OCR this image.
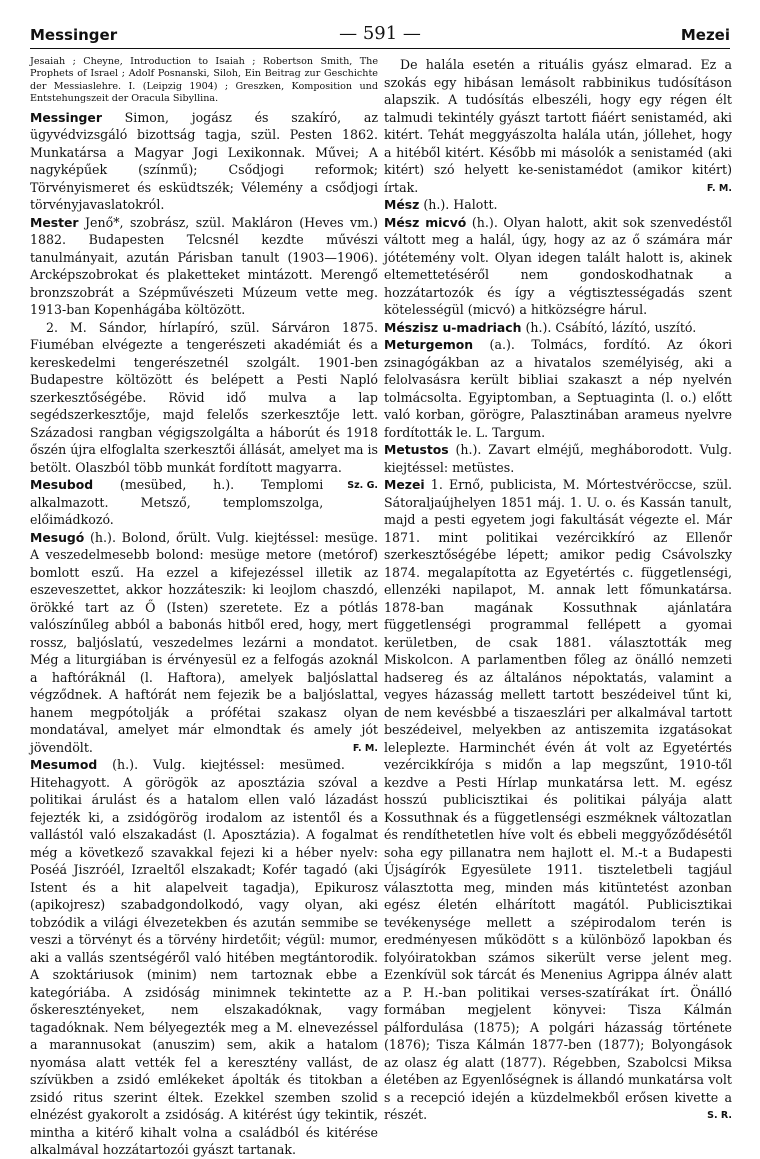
Messinger	— 591 —	Mezei

Jesaiah ; Cheyne, Introduction to Isaiah ; Robertson Smith, The Prophets of Israel ; Adolf Posnanski, Siloh, Ein Beitrag zur Geschichte der Messiaslehre. I. (Leipzig 1904) ; Greszken, Komposition und Entstehungszeit der Oracula Sibyllina.

Messinger Simon, jogász és szakíró, az ügyvédvizsgáló bizottság tagja, szül. Pesten 1862. Munkatársa a Magyar Jogi Lexikonnak. Művei; A nagyképűek (színmű); Csődjogi reformok; Törvényismeret és esküdtszék; Vélemény a csődjogi törvényjavaslatokról.

Mester Jenő*, szobrász, szül. Makláron (Heves vm.) 1882. Budapesten Telcsnél kezdte művészi tanulmányait, azután Párisban tanult (1903—1906). Arcképszobrokat és plaketteket mintázott. Merengő bronzszobrát a Szépművészeti Múzeum vette meg. 1913-ban Kopenhágába költözött.

2. M. Sándor, hírlapíró, szül. Sárváron 1875. Fiuméban elvégezte a tengerészeti akadémiát és a kereskedelmi tengerészetnél szolgált. 1901-ben Budapestre költözött és belépett a Pesti Napló szerkesztőségébe. Rövid idő mulva a lap segédszerkesztője, majd felelős szerkesztője lett. Századosi rangban végigszolgálta a háborút és 1918 őszén újra elfoglalta szerkesztői állását, amelyet ma is betölt. Olaszból több munkát fordított magyarra.
Sz. G.

Mesubod (mesübed, h.). Templomi alkalmazott. Metsző, templomszolga, előimádkozó.

Mesugó (h.). Bolond, őrült. Vulg. kiejtéssel: mesüge. A veszedelmesebb bolond: mesüge metore (metórof) bomlott eszű. Ha ezzel a kifejezéssel illetik az eszeveszettet, akkor hozzáteszik: ki leojlom chaszdó, örökké tart az Ő (Isten) szeretete. Ez a pótlás valószínűleg abból a babonás hitből ered, hogy, mert rossz, baljóslatú, veszedelmes lezárni a mondatot. Még a liturgiában is érvényesül ez a felfogás azoknál a haftóráknál (l. Haftora), amelyek baljóslattal végződnek. A haftórát nem fejezik be a baljóslattal, hanem megpótolják a prófétai szakasz olyan mondatával, amelyet már elmondtak és amely jót jövendölt.	F. M.

Mesumod (h.). Vulg. kiejtéssel: mesümed. Hitehagyott. A görögök az aposztázia szóval a politikai árulást és a hatalom ellen való lázadást fejezték ki, a zsidógörög irodalom az istentől és a vallástól való elszakadást (l. Aposztázia). A fogalmat még a következő szavakkal fejezi ki a héber nyelv: Poséá Jiszróél, Izraeltől elszakadt; Kofér tagadó (aki Istent és a hit alapelveit tagadja), Epikurosz (apikojresz) szabadgondolkodó, vagy olyan, aki tobzódik a világi élvezetekben és azután semmibe se veszi a törvényt és a törvény hirdetőit; végül: mumor, aki a vallás szentségéről való hitében megtántorodik. A szoktáriusok (minim) nem tartoznak ebbe a kategóriába. A zsidóság minimnek tekintette az őskeresztényeket, nem elszakadóknak, vagy tagadóknak. Nem bélyegezték meg a M. elnevezéssel a marannusokat (anuszim) sem, akik a hatalom nyomása alatt vették fel a keresztény vallást, de szívükben a zsidó emlékeket ápolták és titokban a zsidó ritus szerint éltek. Ezekkel szemben szolid elnézést gyakorolt a zsidóság. A kitérést úgy tekintik, mintha a kitérő kihalt volna a családból és kitérése alkalmával hozzátartozói gyászt tartanak.

De halála esetén a rituális gyász elmarad. Ez a szokás egy hibásan lemásolt rabbinikus tudósításon alapszik. A tudósítás elbeszéli, hogy egy régen élt talmudi tekintély gyászt tartott fiáért senistaméd, aki kitért. Tehát meggyászolta halála után, jóllehet, hogy a hitéből kitért. Később mi másolók a senistaméd (aki kitért) szó helyett ke-senistamédot (amikor kitért) írtak.	F. M.

Mész (h.). Halott.

Mész micvó (h.). Olyan halott, akit sok szenvedéstől váltott meg a halál, úgy, hogy az az ő számára már jótétemény volt. Olyan idegen talált halott is, akinek eltemettetéséről nem gondoskodhatnak a hozzátartozók és így a végtisztességadás szent kötelességül (micvó) a hitközségre hárul.

Mészisz u-madriach (h.). Csábító, lázító, uszító.

Meturgemon (a.). Tolmács, fordító. Az ókori zsinagógákban az a hivatalos személyiség, aki a felolvasásra került bibliai szakaszt a nép nyelvén tolmácsolta. Egyiptomban, a Septuaginta (l. o.) előtt való korban, görögre, Palasztinában arameus nyelvre fordították le. L. Targum.

Metustos (h.). Zavart elméjű, megháborodott. Vulg. kiejtéssel: metüstes.

Mezei 1. Ernő, publicista, M. Mórtestvéröccse, szül. Sátoraljaújhelyen 1851 máj. 1. U. o. és Kassán tanult, majd a pesti egyetem jogi fakultását végezte el. Már 1871. mint politikai vezércikkíró az Ellenőr szerkesztőségébe lépett; amikor pedig Csávolszky 1874. megalapította az Egyetértés c. függetlenségi, ellenzéki napilapot, M. annak lett főmunkatársa. 1878-ban magának Kossuthnak ajánlatára függetlenségi programmal fellépett a gyomai kerületben, de csak 1881. választották meg Miskolcon. A parlamentben főleg az önálló nemzeti hadsereg és az általános népoktatás, valamint a vegyes házasság mellett tartott beszédeivel tűnt ki, de nem kevésbbé a tiszaeszlári per alkalmával tartott beszédeivel, melyekben az antiszemita izgatásokat leleplezte. Harminchét évén át volt az Egyetértés vezércikkírója s midőn a lap megszűnt, 1910-től kezdve a Pesti Hírlap munkatársa lett. M. egész hosszú publicisztikai és politikai pályája alatt Kossuthnak és a függetlenségi eszméknek változatlan és rendíthetetlen híve volt és ebbeli meggyőződésétől soha egy pillanatra nem hajlott el. M.-t a Budapesti Újságírók Egyesülete 1911. tiszteletbeli tagjául választotta meg, minden más kitüntetést azonban egész életén elhárított magától. Publicisztikai tevékenysége mellett a szépirodalom terén is eredményesen működött s a különböző lapokban és folyóiratokban számos sikerült verse jelent meg. Ezenkívül sok tárcát és Menenius Agrippa álnév alatt a P. H.-ban politikai verses-szatírákat írt. Önálló formában megjelent könyvei: Tisza Kálmán pálfordulása (1875); A polgári házasság története (1876); Tisza Kálmán 1877-ben (1877); Bolyongások az olasz ég alatt (1877). Régebben, Szabolcsi Miksa életében az Egyenlőségnek is állandó munkatársa volt s a recepció idején a küzdelmekből erősen kivette a részét.	S. R.
